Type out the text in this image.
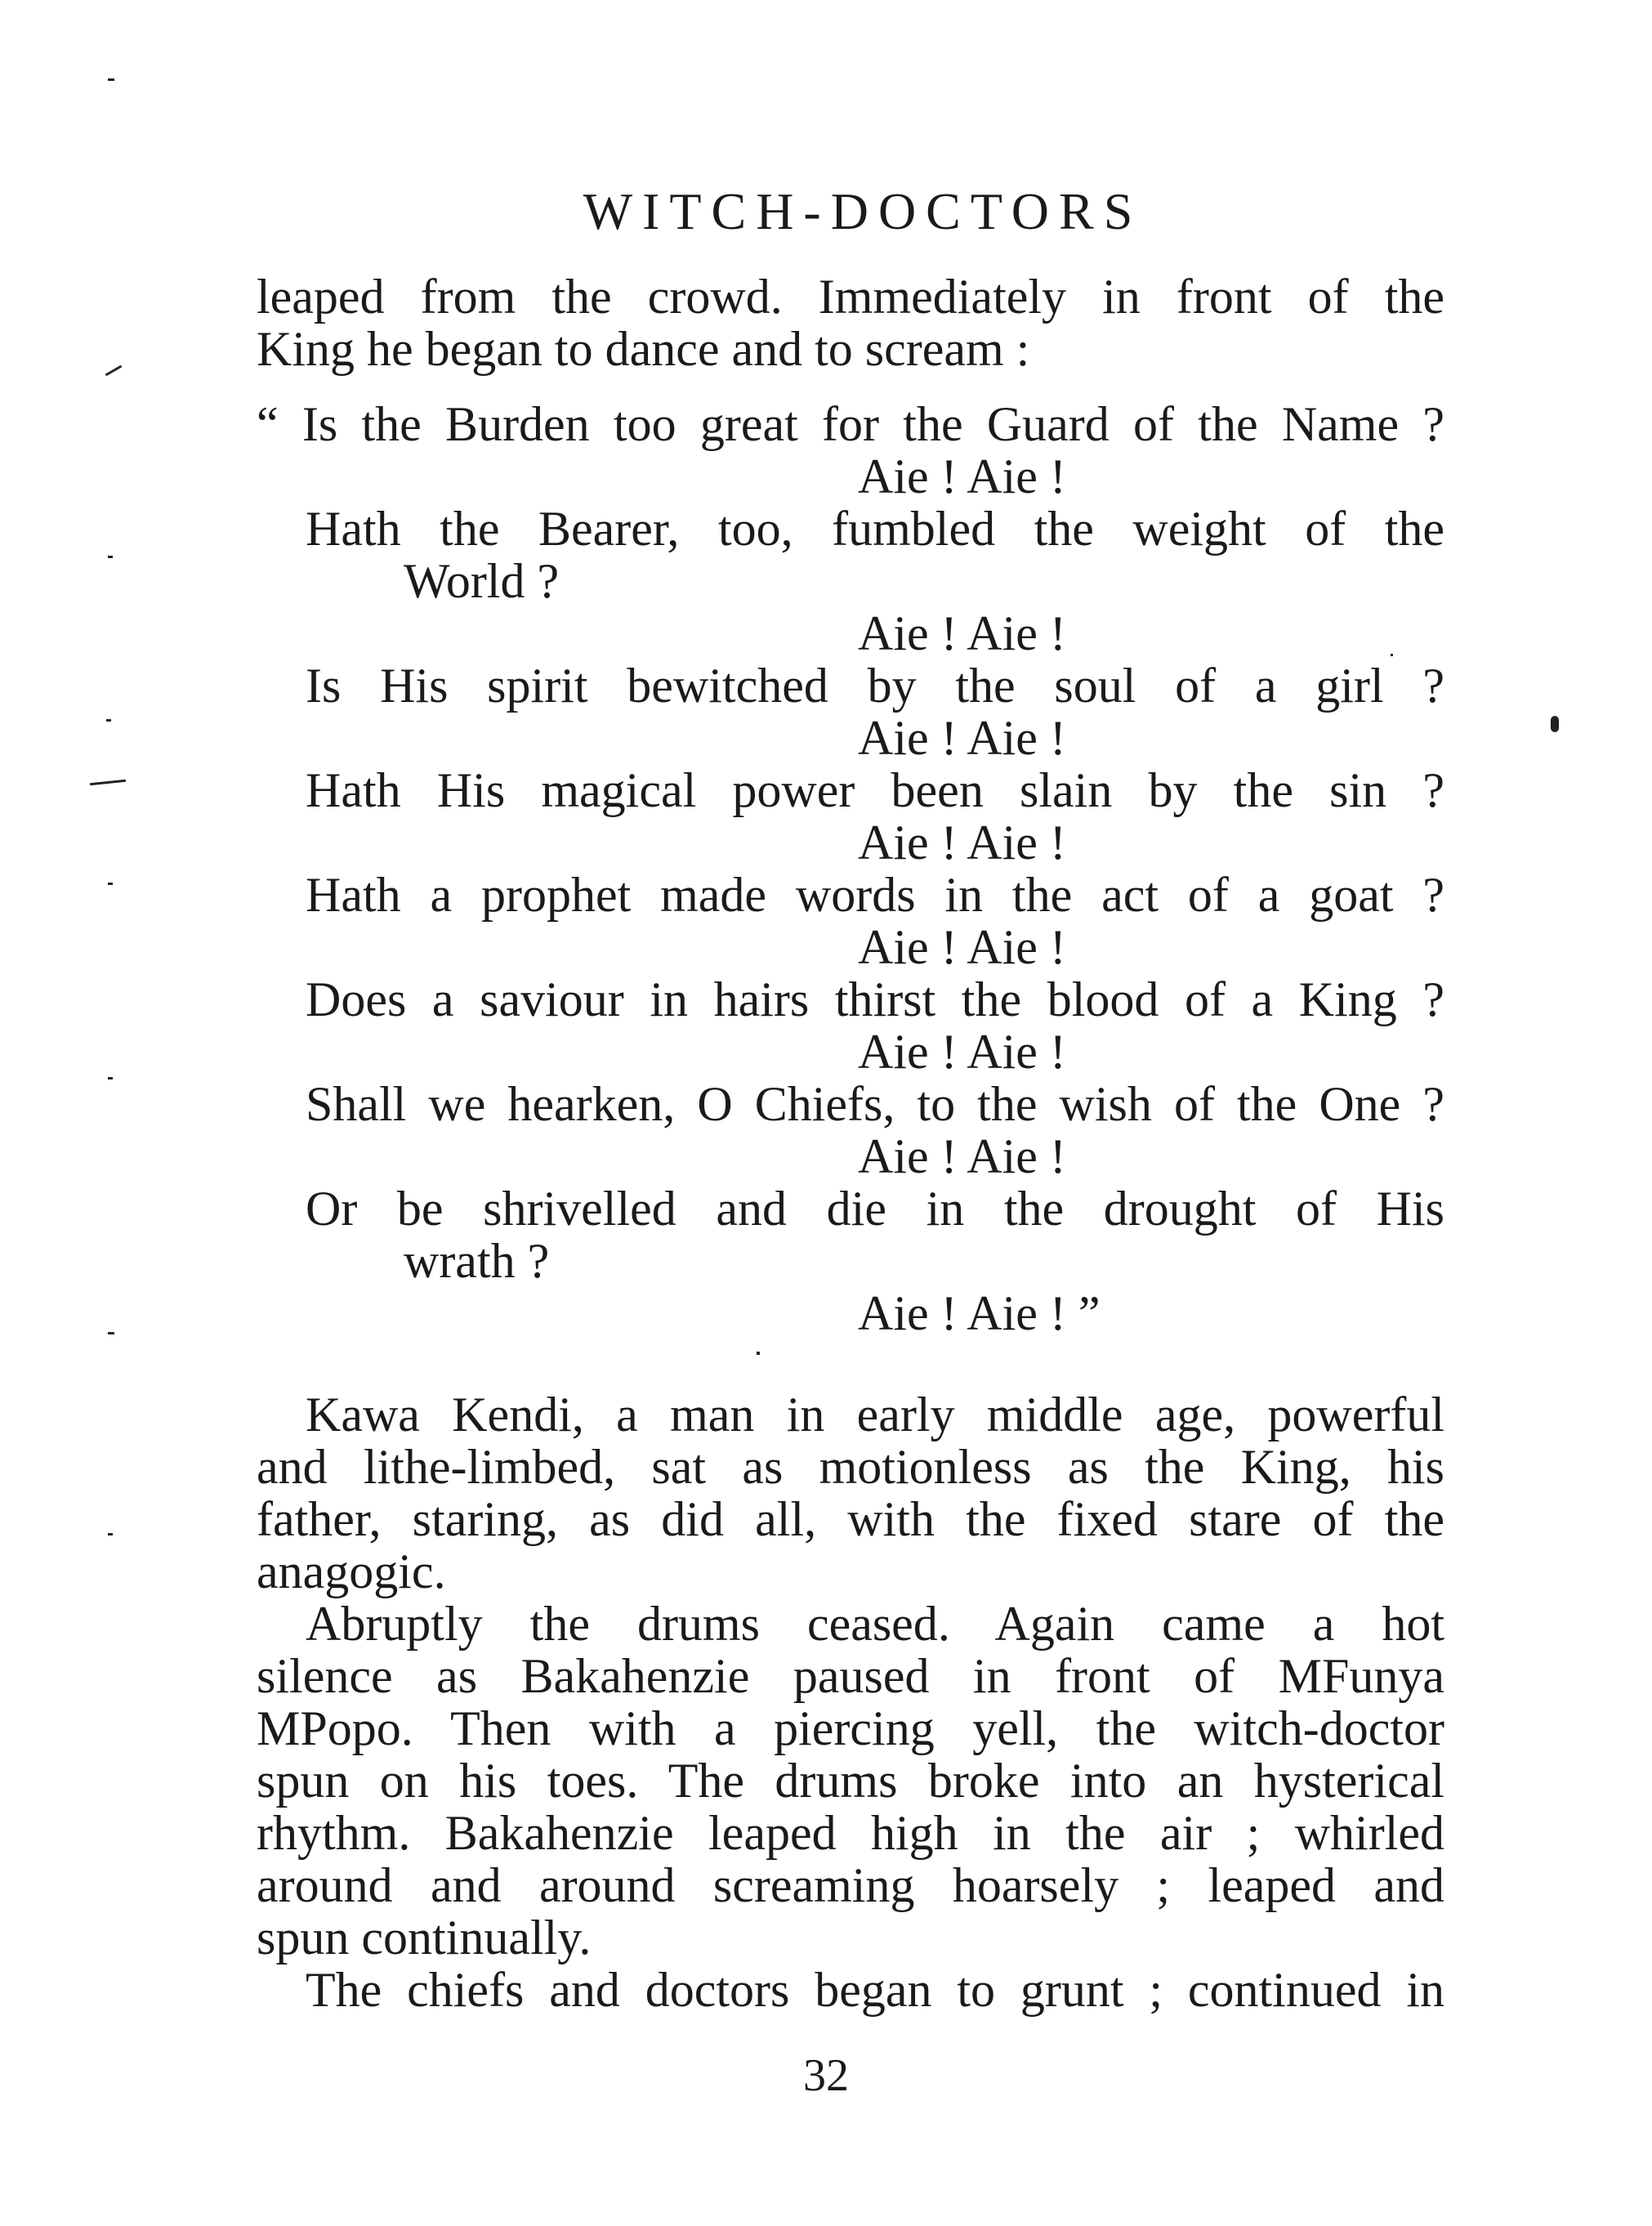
WITCH-DOCTORS
leaped from the crowd. Immediately in front of the
King he began to dance and to scream :
“ Is the Burden too great for the Guard of the Name ?
Aie ! Aie !
Hath the Bearer, too, fumbled the weight of the
World ?
Aie ! Aie !
Is His spirit bewitched by the soul of a girl ?
Aie ! Aie !
Hath His magical power been slain by the sin ?
Aie ! Aie !
Hath a prophet made words in the act of a goat ?
Aie ! Aie !
Does a saviour in hairs thirst the blood of a King ?
Aie ! Aie !
Shall we hearken, O Chiefs, to the wish of the One ?
Aie ! Aie !
Or be shrivelled and die in the drought of His
wrath ?
Aie ! Aie ! ”
Kawa Kendi, a man in early middle age, powerful
and lithe-limbed, sat as motionless as the King, his
father, staring, as did all, with the fixed stare of the
anagogic.
Abruptly the drums ceased. Again came a hot
silence as Bakahenzie paused in front of MFunya
MPopo. Then with a piercing yell, the witch-doctor
spun on his toes. The drums broke into an hysterical
rhythm. Bakahenzie leaped high in the air ; whirled
around and around screaming hoarsely ; leaped and
spun continually.
The chiefs and doctors began to grunt ; continued in
32
